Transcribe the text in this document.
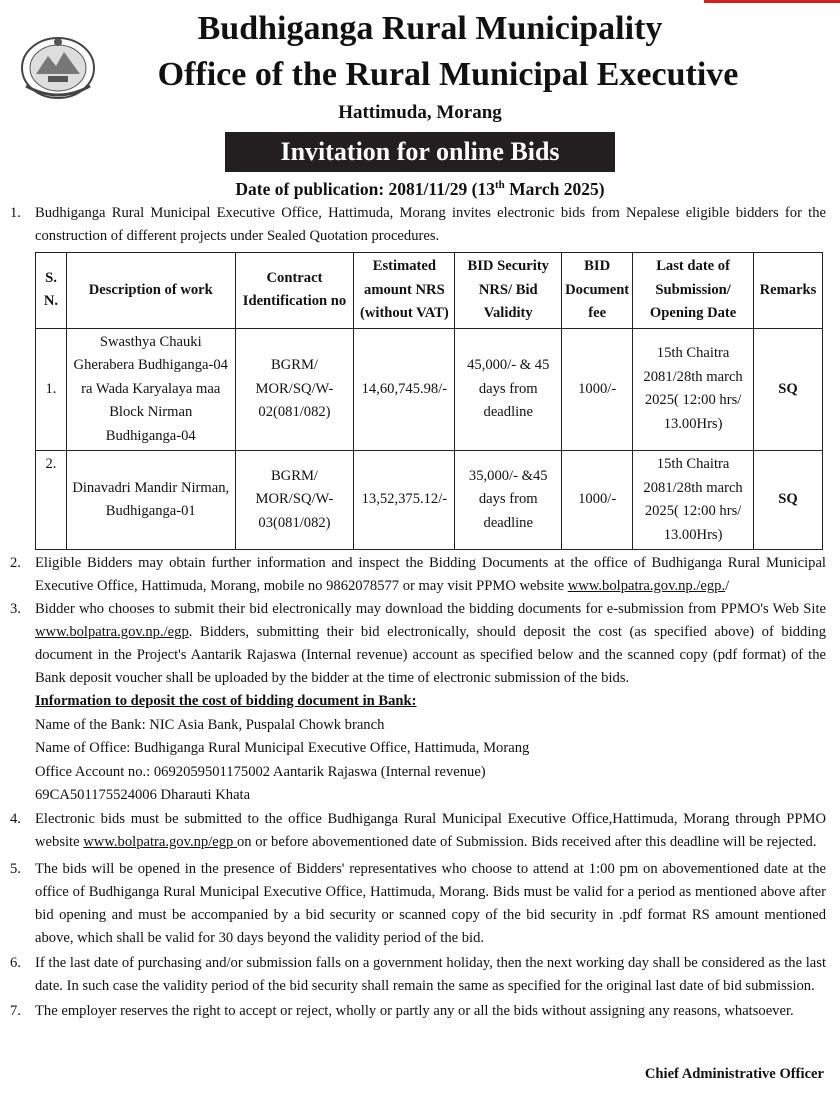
Budhiganga Rural Municipality
Office of the Rural Municipal Executive
Hattimuda, Morang
Invitation for online Bids
Date of publication: 2081/11/29 (13th March 2025)
1. Budhiganga Rural Municipal Executive Office, Hattimuda, Morang invites electronic bids from Nepalese eligible bidders for the construction of different projects under Sealed Quotation procedures.
S. N.	Description of work	Contract Identification no	Estimated amount NRS (without VAT)	BID Security NRS/ Bid Validity	BID Document fee	Last date of Submission/ Opening Date	Remarks
1.	Swasthya Chauki Gherabera Budhiganga-04 ra Wada Karyalaya maa Block Nirman Budhiganga-04	BGRM/ MOR/SQ/W-02(081/082)	14,60,745.98/-	45,000/- & 45 days from deadline	1000/-	15th Chaitra 2081/28th march 2025( 12:00 hrs/ 13.00Hrs)	SQ
2.	Dinavadri Mandir Nirman, Budhiganga-01	BGRM/ MOR/SQ/W-03(081/082)	13,52,375.12/-	35,000/- &45 days from deadline	1000/-	15th Chaitra 2081/28th march 2025( 12:00 hrs/ 13.00Hrs)	SQ
2. Eligible Bidders may obtain further information and inspect the Bidding Documents at the office of Budhiganga Rural Municipal Executive Office, Hattimuda, Morang, mobile no 9862078577 or may visit PPMO website www.bolpatra.gov.np./egp./
3. Bidder who chooses to submit their bid electronically may download the bidding documents for e-submission from PPMO's Web Site www.bolpatra.gov.np./egp. Bidders, submitting their bid electronically, should deposit the cost (as specified above) of bidding document in the Project's Aantarik Rajaswa (Internal revenue) account as specified below and the scanned copy (pdf format) of the Bank deposit voucher shall be uploaded by the bidder at the time of electronic submission of the bids.
Information to deposit the cost of bidding document in Bank:
Name of the Bank: NIC Asia Bank, Puspalal Chowk branch
Name of Office: Budhiganga Rural Municipal Executive Office, Hattimuda, Morang
Office Account no.: 0692059501175002 Aantarik Rajaswa (Internal revenue)
69CA501175524006 Dharauti Khata
4. Electronic bids must be submitted to the office Budhiganga Rural Municipal Executive Office,Hattimuda, Morang through PPMO website www.bolpatra.gov.np/egp on or before abovementioned date of Submission. Bids received after this deadline will be rejected.
5. The bids will be opened in the presence of Bidders' representatives who choose to attend at 1:00 pm on abovementioned date at the office of Budhiganga Rural Municipal Executive Office, Hattimuda, Morang. Bids must be valid for a period as mentioned above after bid opening and must be accompanied by a bid security or scanned copy of the bid security in .pdf format RS amount mentioned above, which shall be valid for 30 days beyond the validity period of the bid.
6. If the last date of purchasing and/or submission falls on a government holiday, then the next working day shall be considered as the last date. In such case the validity period of the bid security shall remain the same as specified for the original last date of bid submission.
7. The employer reserves the right to accept or reject, wholly or partly any or all the bids without assigning any reasons, whatsoever.
Chief Administrative Officer
